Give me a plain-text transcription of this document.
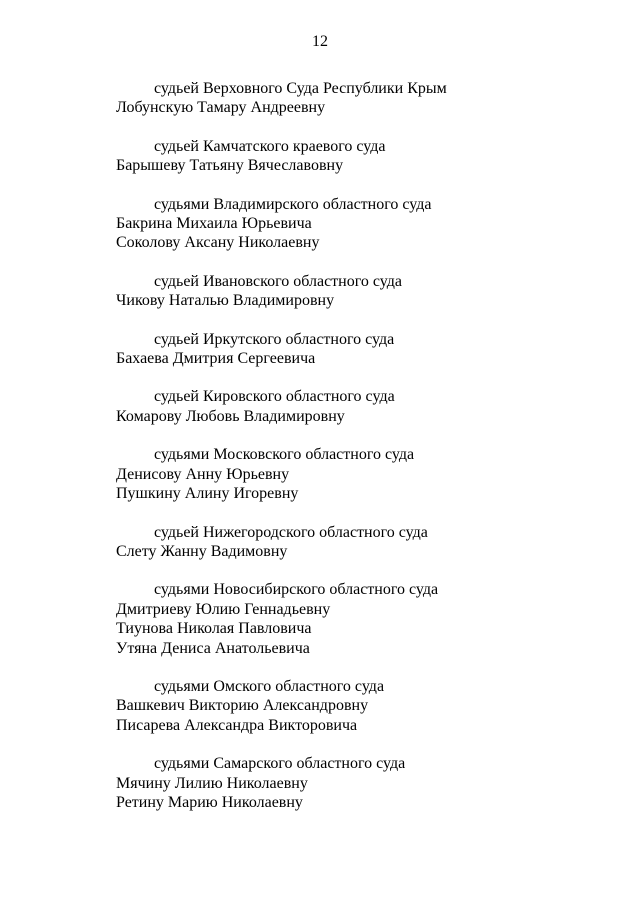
12
судьей Верховного Суда Республики Крым
Лобунскую Тамару Андреевну
судьей Камчатского краевого суда
Барышеву Татьяну Вячеславовну
судьями Владимирского областного суда
Бакрина Михаила Юрьевича
Соколову Аксану Николаевну
судьей Ивановского областного суда
Чикову Наталью Владимировну
судьей Иркутского областного суда
Бахаева Дмитрия Сергеевича
судьей Кировского областного суда
Комарову Любовь Владимировну
судьями Московского областного суда
Денисову Анну Юрьевну
Пушкину Алину Игоревну
судьей Нижегородского областного суда
Слету Жанну Вадимовну
судьями Новосибирского областного суда
Дмитриеву Юлию Геннадьевну
Тиунова Николая Павловича
Утяна Дениса Анатольевича
судьями Омского областного суда
Вашкевич Викторию Александровну
Писарева Александра Викторовича
судьями Самарского областного суда
Мячину Лилию Николаевну
Ретину Марию Николаевну
